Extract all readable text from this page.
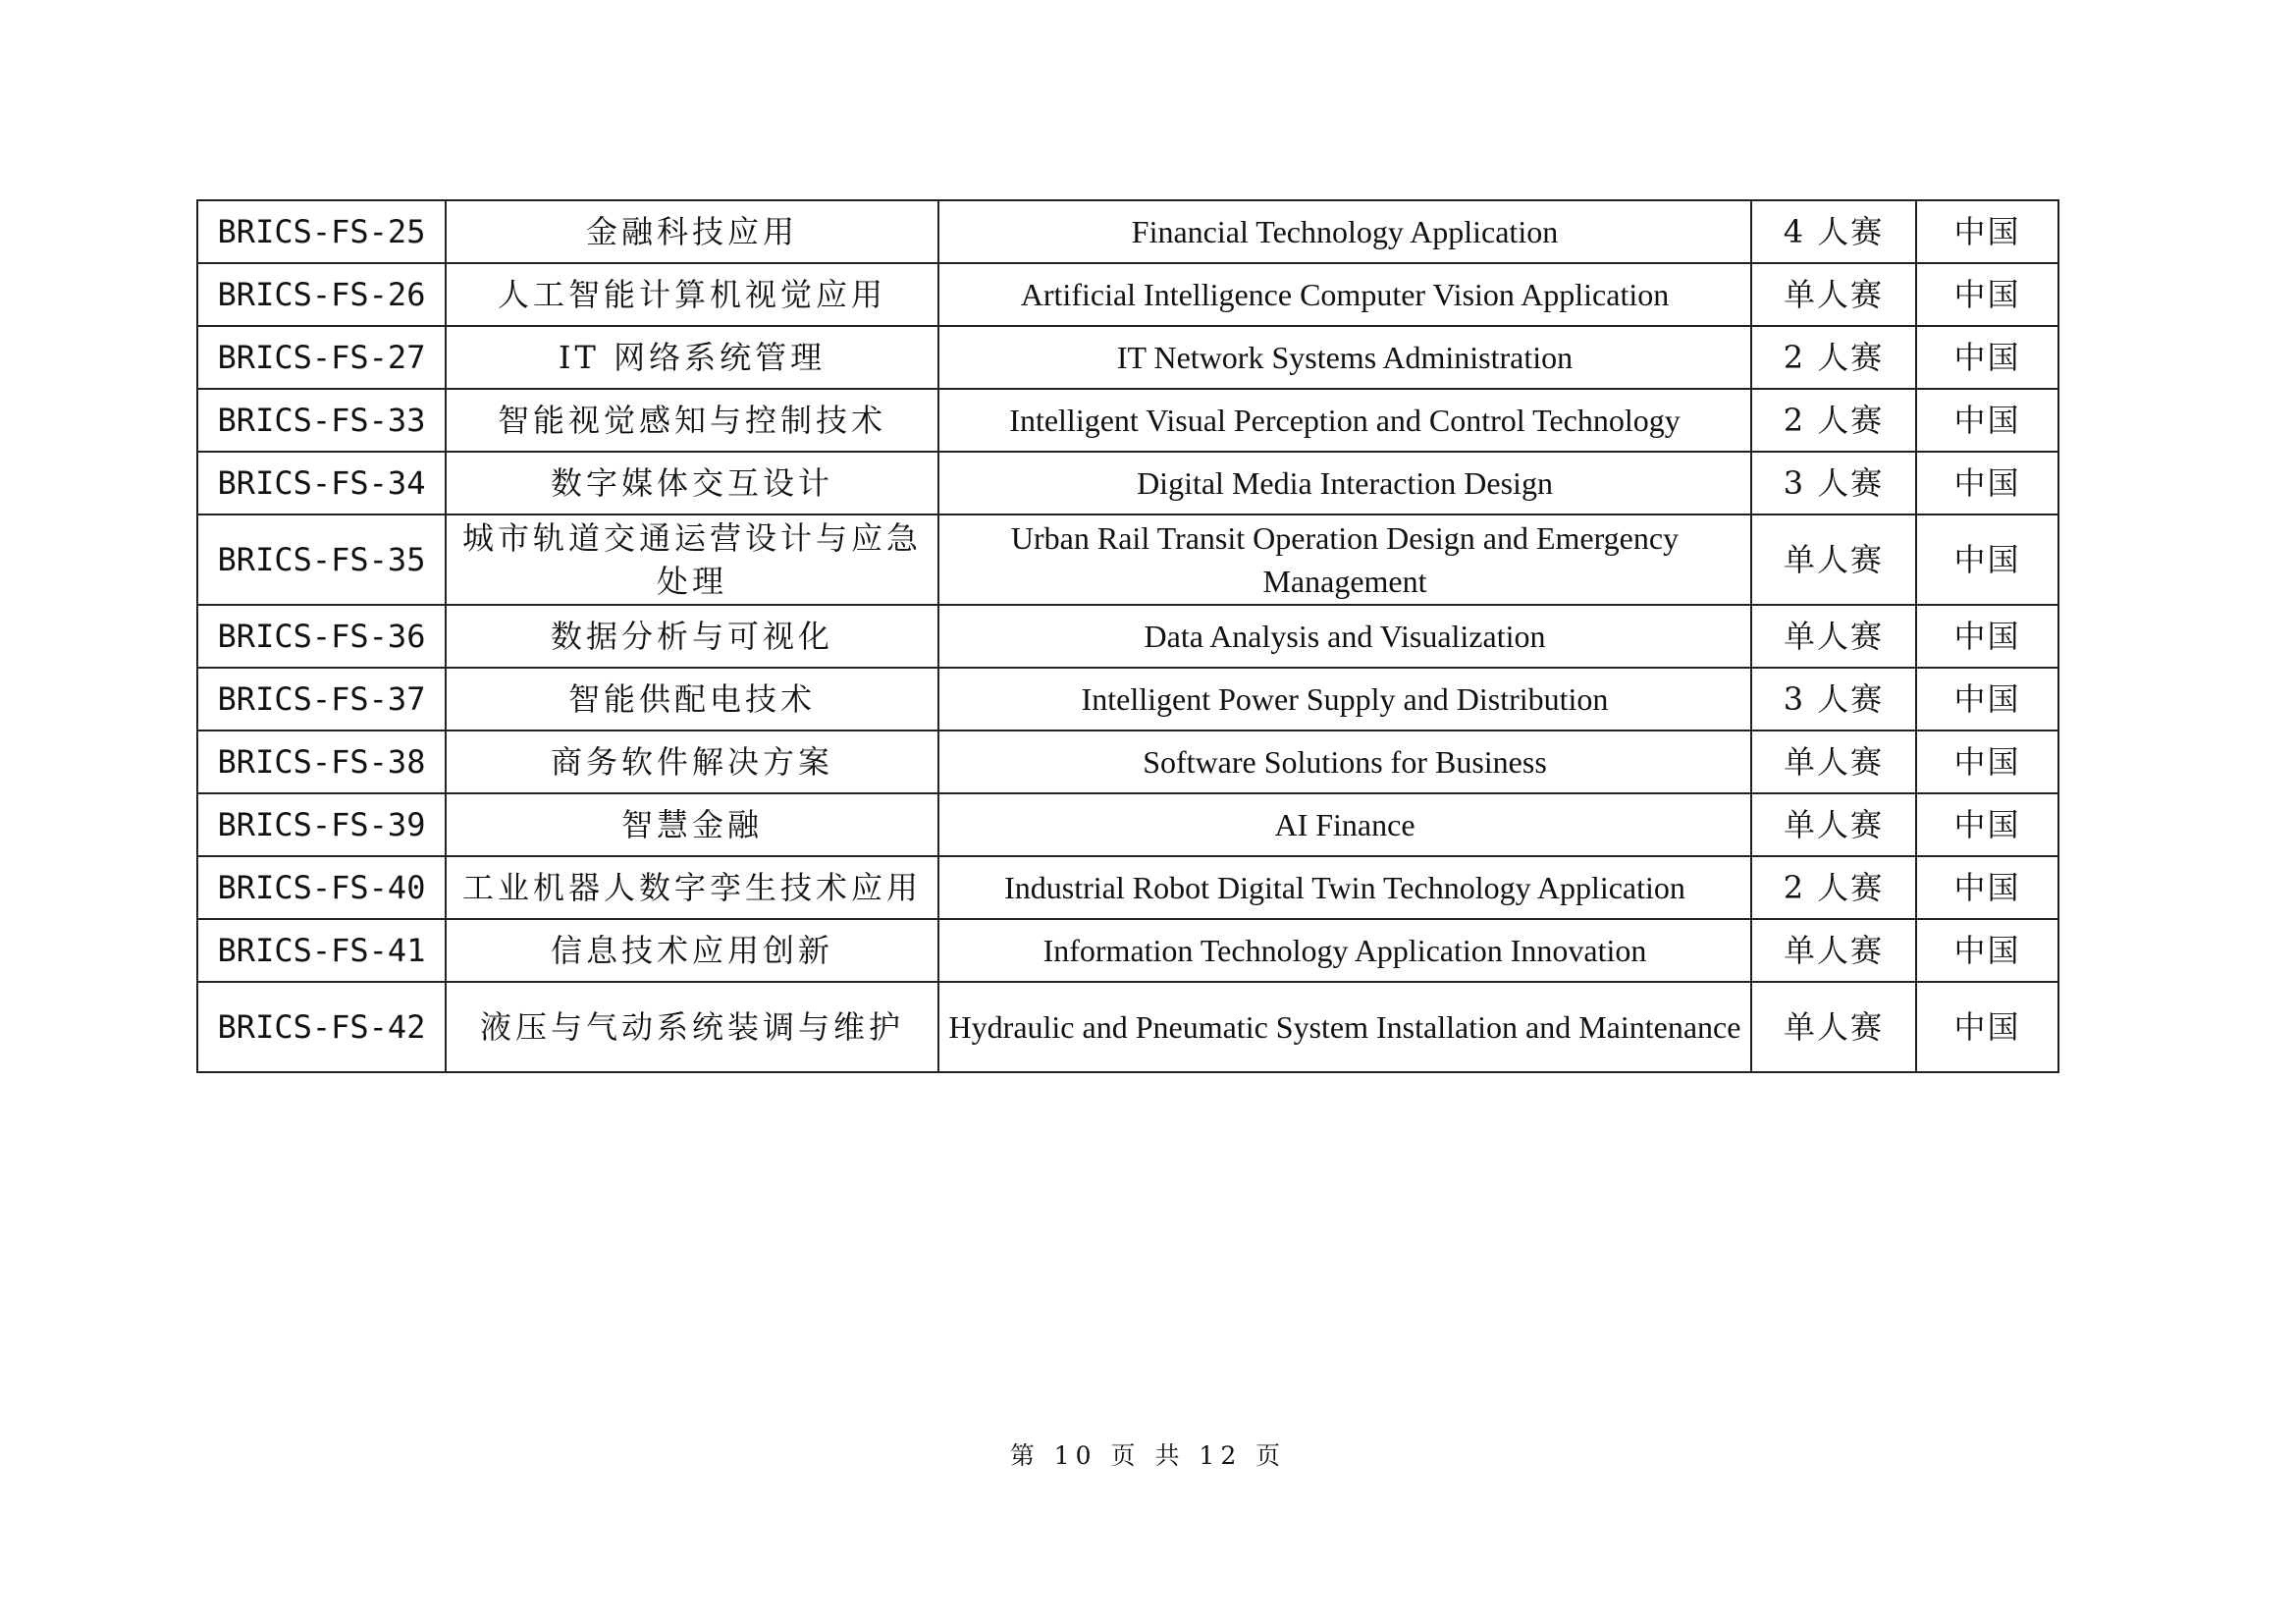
BRICS-FS-25	金融科技应用	Financial Technology Application	4 人赛	中国
BRICS-FS-26	人工智能计算机视觉应用	Artificial Intelligence Computer Vision Application	单人赛	中国
BRICS-FS-27	IT 网络系统管理	IT Network Systems Administration	2 人赛	中国
BRICS-FS-33	智能视觉感知与控制技术	Intelligent Visual Perception and Control Technology	2 人赛	中国
BRICS-FS-34	数字媒体交互设计	Digital Media Interaction Design	3 人赛	中国
BRICS-FS-35	城市轨道交通运营设计与应急处理	Urban Rail Transit Operation Design and Emergency Management	单人赛	中国
BRICS-FS-36	数据分析与可视化	Data Analysis and Visualization	单人赛	中国
BRICS-FS-37	智能供配电技术	Intelligent Power Supply and Distribution	3 人赛	中国
BRICS-FS-38	商务软件解决方案	Software Solutions for Business	单人赛	中国
BRICS-FS-39	智慧金融	AI Finance	单人赛	中国
BRICS-FS-40	工业机器人数字孪生技术应用	Industrial Robot Digital Twin Technology Application	2 人赛	中国
BRICS-FS-41	信息技术应用创新	Information Technology Application Innovation	单人赛	中国
BRICS-FS-42	液压与气动系统装调与维护	Hydraulic and Pneumatic System Installation and Maintenance	单人赛	中国
第 10 页 共 12 页
